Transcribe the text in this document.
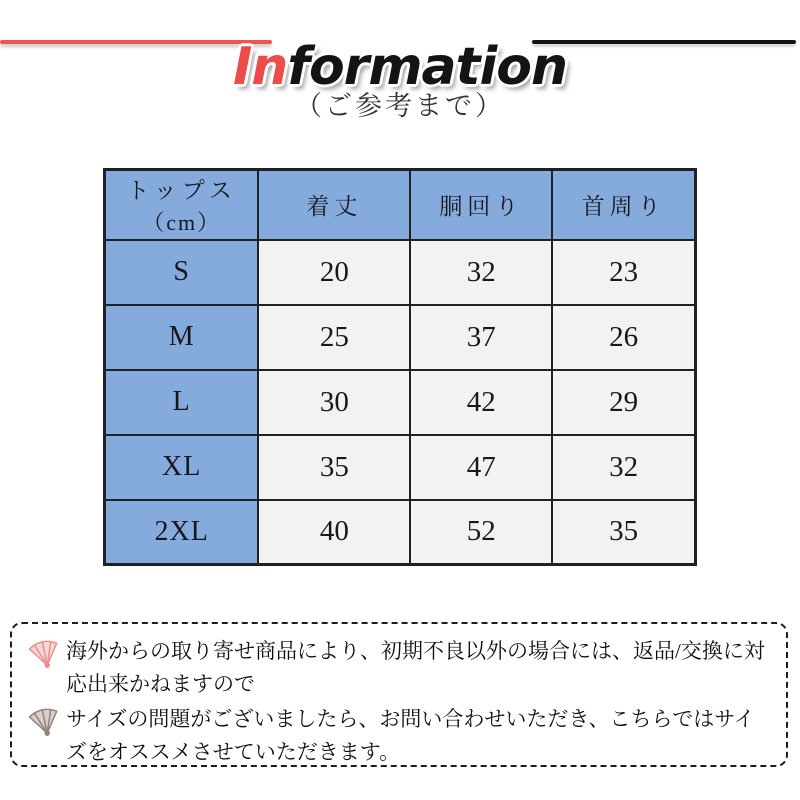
Information
（ご参考まで）
トップス
（cm）	着丈	胴回り	首周り
S	20	32	23
M	25	37	26
L	30	42	29
XL	35	47	32
2XL	40	52	35

海外からの取り寄せ商品により、初期不良以外の場合には、返品/交換に対応出来かねますので

サイズの問題がございましたら、お問い合わせいただき、こちらではサイズをオススメさせていただきます。
